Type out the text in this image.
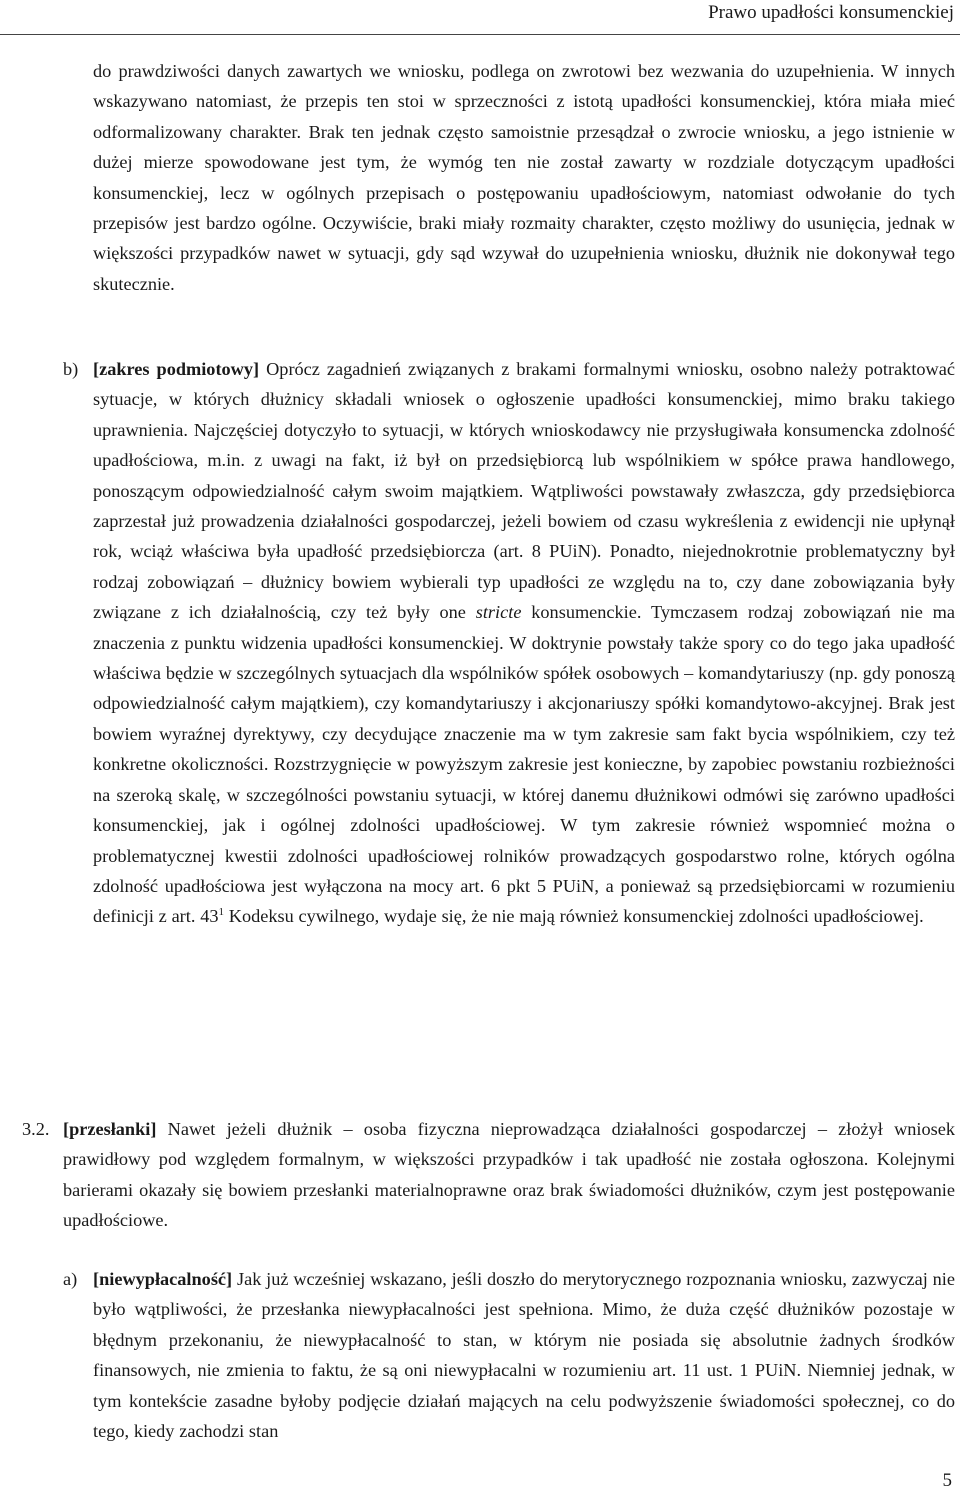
Prawo upadłości konsumenckiej

do prawdziwości danych zawartych we wniosku, podlega on zwrotowi bez wezwania do uzupełnienia. W innych wskazywano natomiast, że przepis ten stoi w sprzeczności z istotą upadłości konsumenckiej, która miała mieć odformalizowany charakter. Brak ten jednak często samoistnie przesądzał o zwrocie wniosku, a jego istnienie w dużej mierze spowodowane jest tym, że wymóg ten nie został zawarty w rozdziale dotyczącym upadłości konsumenckiej, lecz w ogólnych przepisach o postępowaniu upadłościowym, natomiast odwołanie do tych przepisów jest bardzo ogólne. Oczywiście, braki miały rozmaity charakter, często możliwy do usunięcia, jednak w większości przypadków nawet w sytuacji, gdy sąd wzywał do uzupełnienia wniosku, dłużnik nie dokonywał tego skutecznie.

b) [zakres podmiotowy] Oprócz zagadnień związanych z brakami formalnymi wniosku, osobno należy potraktować sytuacje, w których dłużnicy składali wniosek o ogłoszenie upadłości konsumenckiej, mimo braku takiego uprawnienia. Najczęściej dotyczyło to sytuacji, w których wnioskodawcy nie przysługiwała konsumencka zdolność upadłościowa, m.in. z uwagi na fakt, iż był on przedsiębiorcą lub wspólnikiem w spółce prawa handlowego, ponoszącym odpowiedzialność całym swoim majątkiem. Wątpliwości powstawały zwłaszcza, gdy przedsiębiorca zaprzestał już prowadzenia działalności gospodarczej, jeżeli bowiem od czasu wykreślenia z ewidencji nie upłynął rok, wciąż właściwa była upadłość przedsiębiorcza (art. 8 PUiN). Ponadto, niejednokrotnie problematyczny był rodzaj zobowiązań – dłużnicy bowiem wybierali typ upadłości ze względu na to, czy dane zobowiązania były związane z ich działalnością, czy też były one stricte konsumenckie. Tymczasem rodzaj zobowiązań nie ma znaczenia z punktu widzenia upadłości konsumenckiej. W doktrynie powstały także spory co do tego jaka upadłość właściwa będzie w szczególnych sytuacjach dla wspólników spółek osobowych – komandytariuszy (np. gdy ponoszą odpowiedzialność całym majątkiem), czy komandytariuszy i akcjonariuszy spółki komandytowo-akcyjnej. Brak jest bowiem wyraźnej dyrektywy, czy decydujące znaczenie ma w tym zakresie sam fakt bycia wspólnikiem, czy też konkretne okoliczności. Rozstrzygnięcie w powyższym zakresie jest konieczne, by zapobiec powstaniu rozbieżności na szeroką skalę, w szczególności powstaniu sytuacji, w której danemu dłużnikowi odmówi się zarówno upadłości konsumenckiej, jak i ogólnej zdolności upadłościowej. W tym zakresie również wspomnieć można o problematycznej kwestii zdolności upadłościowej rolników prowadzących gospodarstwo rolne, których ogólna zdolność upadłościowa jest wyłączona na mocy art. 6 pkt 5 PUiN, a ponieważ są przedsiębiorcami w rozumieniu definicji z art. $43^1$ Kodeksu cywilnego, wydaje się, że nie mają również konsumenckiej zdolności upadłościowej.

3.2. [przesłanki] Nawet jeżeli dłużnik – osoba fizyczna nieprowadząca działalności gospodarczej – złożył wniosek prawidłowy pod względem formalnym, w większości przypadków i tak upadłość nie została ogłoszona. Kolejnymi barierami okazały się bowiem przesłanki materialnoprawne oraz brak świadomości dłużników, czym jest postępowanie upadłościowe.

a) [niewypłacalność] Jak już wcześniej wskazano, jeśli doszło do merytorycznego rozpoznania wniosku, zazwyczaj nie było wątpliwości, że przesłanka niewypłacalności jest spełniona. Mimo, że duża część dłużników pozostaje w błędnym przekonaniu, że niewypłacalność to stan, w którym nie posiada się absolutnie żadnych środków finansowych, nie zmienia to faktu, że są oni niewypłacalni w rozumieniu art. 11 ust. 1 PUiN. Niemniej jednak, w tym kontekście zasadne byłoby podjęcie działań mających na celu podwyższenie świadomości społecznej, co do tego, kiedy zachodzi stan

5
